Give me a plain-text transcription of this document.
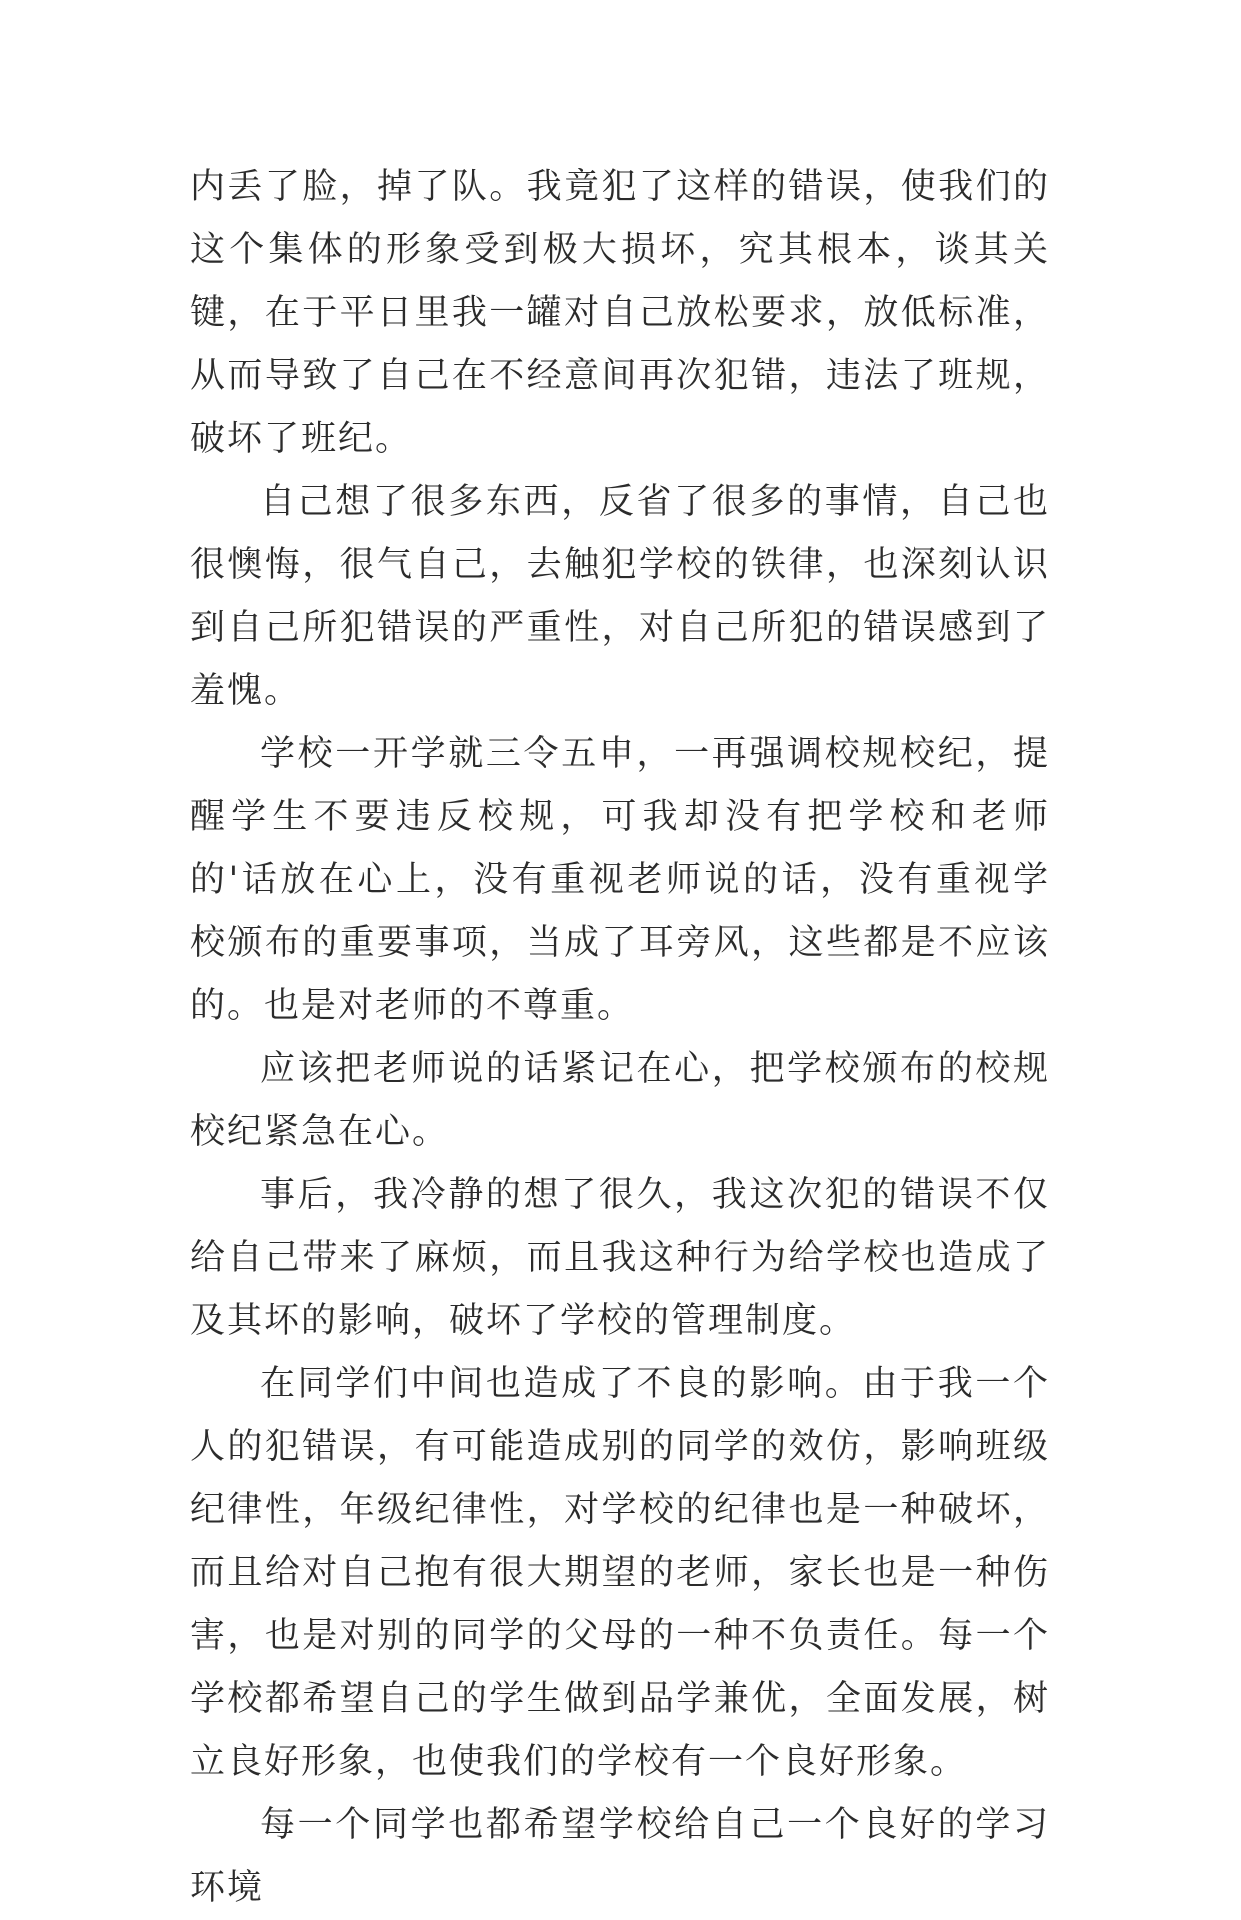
内丢了脸，掉了队。我竟犯了这样的错误，使我们的这个集体的形象受到极大损坏，究其根本，谈其关键，在于平日里我一罐对自己放松要求，放低标准，从而导致了自己在不经意间再次犯错，违法了班规，破坏了班纪。

自己想了很多东西，反省了很多的事情，自己也很懊悔，很气自己，去触犯学校的铁律，也深刻认识到自己所犯错误的严重性，对自己所犯的错误感到了羞愧。

学校一开学就三令五申，一再强调校规校纪，提醒学生不要违反校规，可我却没有把学校和老师的'话放在心上，没有重视老师说的话，没有重视学校颁布的重要事项，当成了耳旁风，这些都是不应该的。也是对老师的不尊重。

应该把老师说的话紧记在心，把学校颁布的校规校纪紧急在心。

事后，我冷静的想了很久，我这次犯的错误不仅给自己带来了麻烦，而且我这种行为给学校也造成了及其坏的影响，破坏了学校的管理制度。

在同学们中间也造成了不良的影响。由于我一个人的犯错误，有可能造成别的同学的效仿，影响班级纪律性，年级纪律性，对学校的纪律也是一种破坏，而且给对自己抱有很大期望的老师，家长也是一种伤害，也是对别的同学的父母的一种不负责任。每一个学校都希望自己的学生做到品学兼优，全面发展，树立良好形象，也使我们的学校有一个良好形象。

每一个同学也都希望学校给自己一个良好的学习环境
